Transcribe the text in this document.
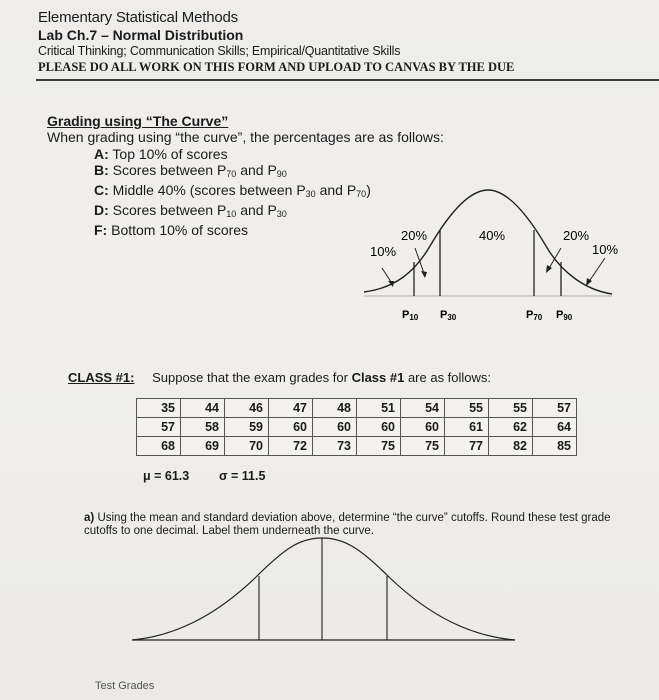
Elementary Statistical Methods
Lab Ch.7 – Normal Distribution
Critical Thinking; Communication Skills; Empirical/Quantitative Skills
PLEASE DO ALL WORK ON THIS FORM AND UPLOAD TO CANVAS BY THE DUE
Grading using “The Curve”
When grading using “the curve”, the percentages are as follows:
A: Top 10% of scores
B: Scores between $P_{70}$ and $P_{90}$
C: Middle 40% (scores between $P_{30}$ and $P_{70}$)
D: Scores between $P_{10}$ and $P_{30}$
F: Bottom 10% of scores
10%
20%	40%	20%
10%
P10 P30	P70 P90
CLASS #1: Suppose that the exam grades for Class #1 are as follows:
35	44	46	47	48	51	54	55	55	57
57	58	59	60	60	60	60	61	62	64
68	69	70	72	73	75	75	77	82	85
μ = 61.3 σ = 11.5
a) Using the mean and standard deviation above, determine “the curve” cutoffs. Round these test grade cutoffs to one decimal. Label them underneath the curve.
Test Grades
